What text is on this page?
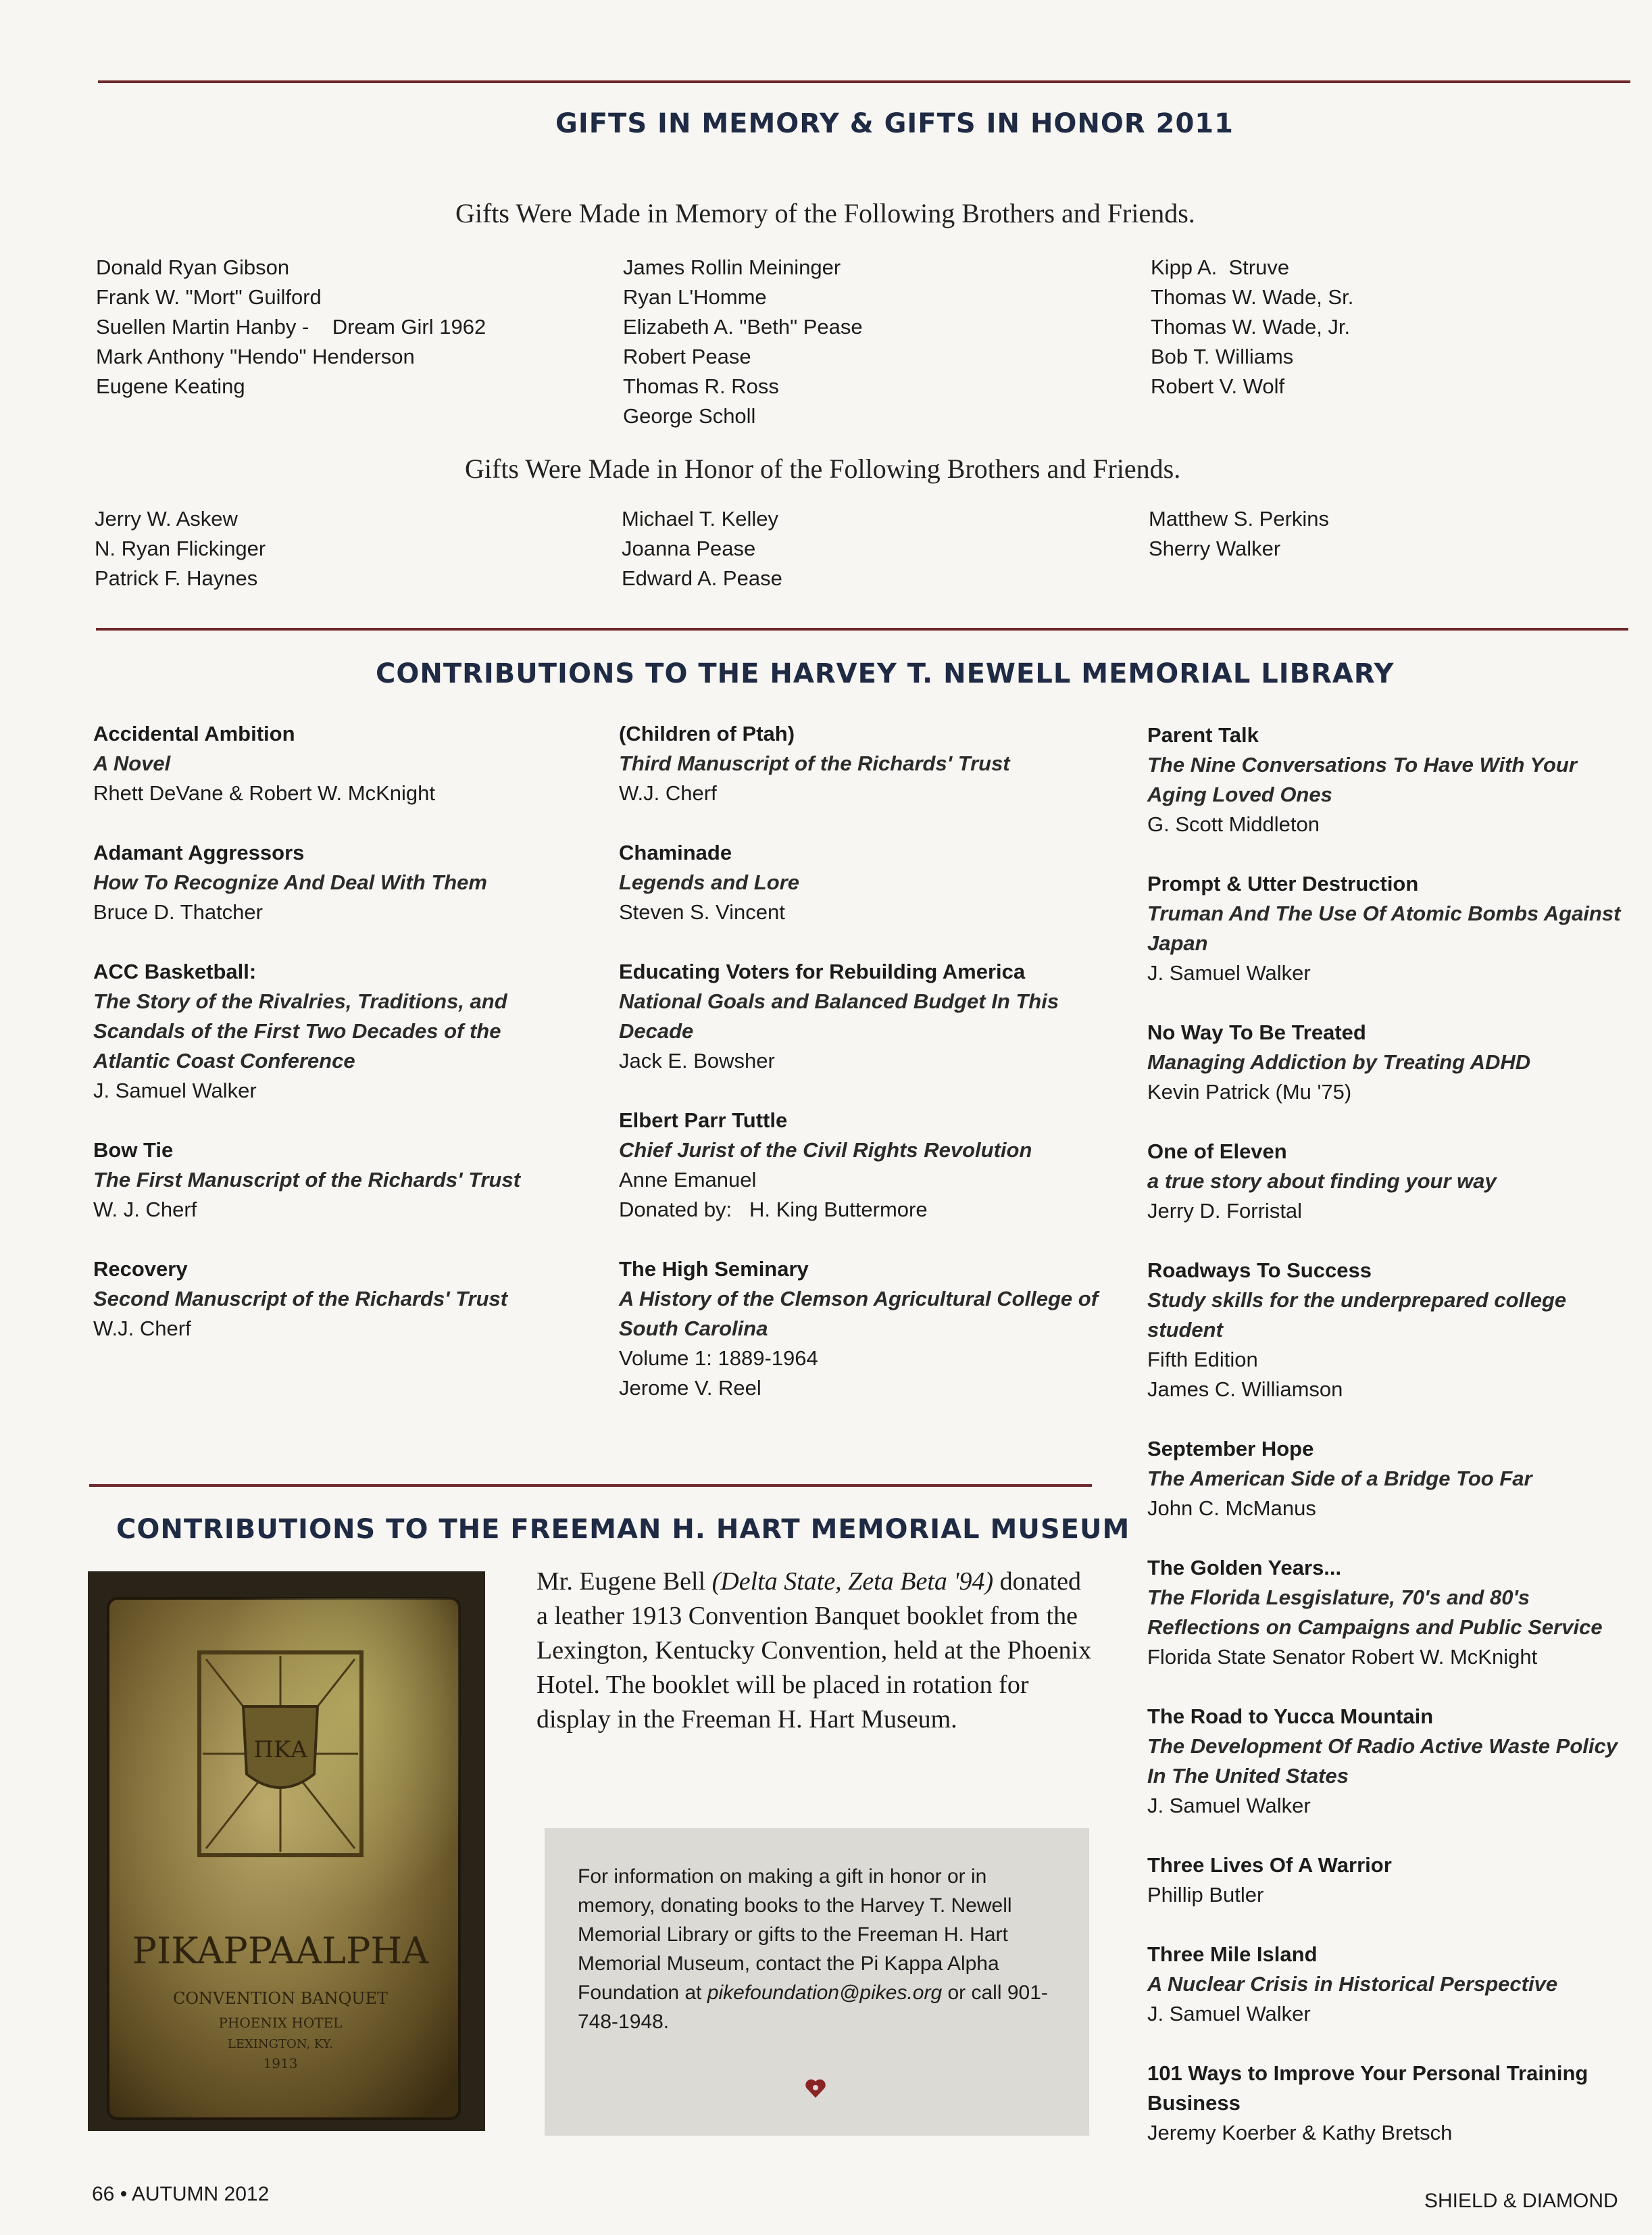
GIFTS IN MEMORY & GIFTS IN HONOR 2011
Gifts Were Made in Memory of the Following Brothers and Friends.
Donald Ryan Gibson
Frank W. "Mort" Guilford
Suellen Martin Hanby -    Dream Girl 1962
Mark Anthony "Hendo" Henderson
Eugene Keating
James Rollin Meininger
Ryan L'Homme
Elizabeth A. "Beth" Pease
Robert Pease
Thomas R. Ross
George Scholl
Kipp A.  Struve
Thomas W. Wade, Sr.
Thomas W. Wade, Jr.
Bob T. Williams
Robert V. Wolf
Gifts Were Made in Honor of the Following Brothers and Friends.
Jerry W. Askew
N. Ryan Flickinger
Patrick F. Haynes
Michael T. Kelley
Joanna Pease
Edward A. Pease
Matthew S. Perkins
Sherry Walker
CONTRIBUTIONS TO THE HARVEY T. NEWELL MEMORIAL LIBRARY
Accidental Ambition
A Novel
Rhett DeVane & Robert W. McKnight
Adamant Aggressors
How To Recognize And Deal With Them
Bruce D. Thatcher
ACC Basketball:
The Story of the Rivalries, Traditions, and Scandals of the First Two Decades of the Atlantic Coast Conference
J. Samuel Walker
Bow Tie
The First Manuscript of the Richards' Trust
W. J. Cherf
Recovery
Second Manuscript of the Richards' Trust
W.J. Cherf
(Children of Ptah)
Third Manuscript of the Richards' Trust
W.J. Cherf
Chaminade
Legends and Lore
Steven S. Vincent
Educating Voters for Rebuilding America
National Goals and Balanced Budget In This Decade
Jack E. Bowsher
Elbert Parr Tuttle
Chief Jurist of the Civil Rights Revolution
Anne Emanuel
Donated by:   H. King Buttermore
The High Seminary
A History of the Clemson Agricultural College of South Carolina
Volume 1: 1889-1964
Jerome V. Reel
Parent Talk
The Nine Conversations To Have With Your Aging Loved Ones
G. Scott Middleton
Prompt & Utter Destruction
Truman And The Use Of Atomic Bombs Against Japan
J. Samuel Walker
No Way To Be Treated
Managing Addiction by Treating ADHD
Kevin Patrick (Mu '75)
One of Eleven
a true story about finding your way
Jerry D. Forristal
Roadways To Success
Study skills for the underprepared college student
Fifth Edition
James C. Williamson
September Hope
The American Side of a Bridge Too Far
John C. McManus
The Golden Years...
The Florida Lesgislature, 70's and 80's Reflections on Campaigns and Public Service
Florida State Senator Robert W. McKnight
The Road to Yucca Mountain
The Development Of Radio Active Waste Policy In The United States
J. Samuel Walker
Three Lives Of A Warrior
Phillip Butler
Three Mile Island
A Nuclear Crisis in Historical Perspective
J. Samuel Walker
101 Ways to Improve Your Personal Training Business
Jeremy Koerber & Kathy Bretsch
CONTRIBUTIONS TO THE FREEMAN H. HART MEMORIAL MUSEUM
ΠΚΑ
PIKAPPAALPHA
CONVENTION BANQUET
PHOENIX HOTEL
LEXINGTON, KY.
1913
Mr. Eugene Bell (Delta State, Zeta Beta '94) donated a leather 1913 Convention Banquet booklet from the Lexington, Kentucky Convention, held at the Phoenix Hotel. The booklet will be placed in rotation for display in the Freeman H. Hart Museum.
For information on making a gift in honor or in memory, donating books to the Harvey T. Newell Memorial Library or gifts to the Freeman H. Hart Memorial Museum, contact the Pi Kappa Alpha Foundation at pikefoundation@pikes.org or call 901-748-1948.
66 • AUTUMN 2012	SHIELD & DIAMOND
